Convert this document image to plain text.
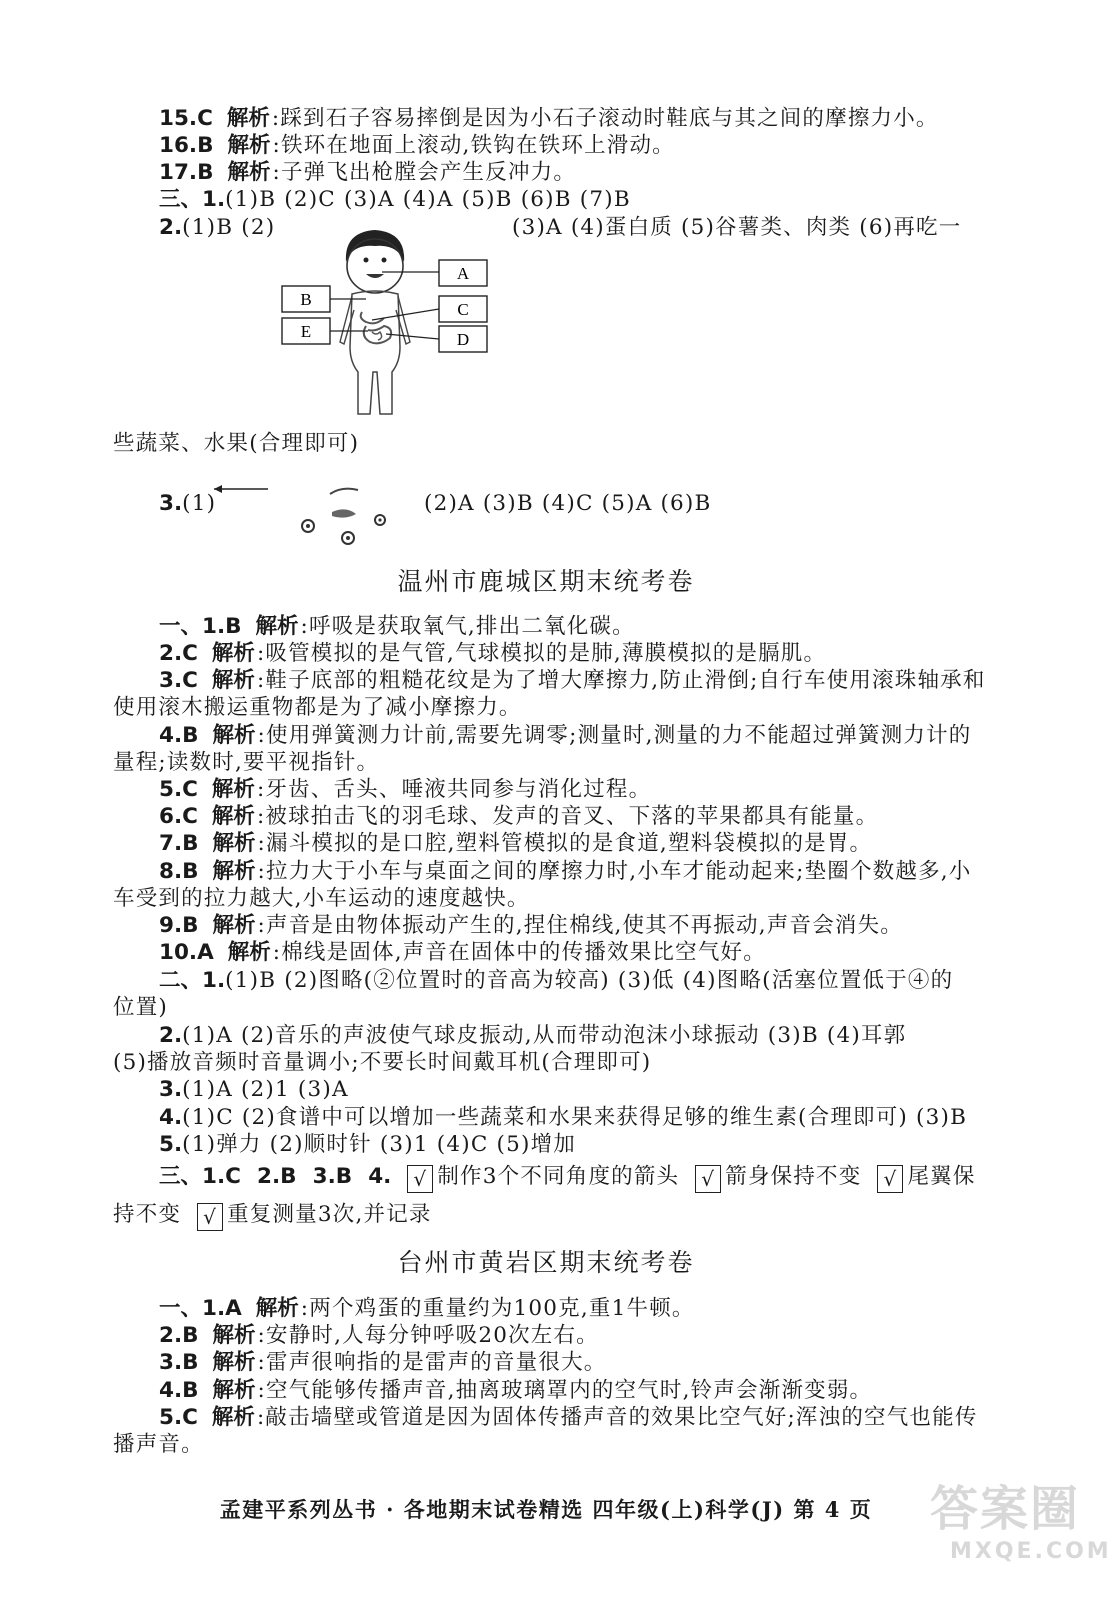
15.C 解析:踩到石子容易摔倒是因为小石子滚动时鞋底与其之间的摩擦力小。
16.B 解析:铁环在地面上滚动,铁钩在铁环上滑动。
17.B 解析:子弹飞出枪膛会产生反冲力。
三、1.(1)B (2)C (3)A (4)A (5)B (6)B (7)B
2.(1)B (2)	(3)A (4)蛋白质 (5)谷薯类、肉类 (6)再吃一
A
B
C
E	D
些蔬菜、水果(合理即可)
3.(1)	(2)A (3)B (4)C (5)A (6)B
温州市鹿城区期末统考卷
一、1.B 解析:呼吸是获取氧气,排出二氧化碳。
2.C 解析:吸管模拟的是气管,气球模拟的是肺,薄膜模拟的是膈肌。
3.C 解析:鞋子底部的粗糙花纹是为了增大摩擦力,防止滑倒;自行车使用滚珠轴承和
使用滚木搬运重物都是为了减小摩擦力。
4.B 解析:使用弹簧测力计前,需要先调零;测量时,测量的力不能超过弹簧测力计的
量程;读数时,要平视指针。
5.C 解析:牙齿、舌头、唾液共同参与消化过程。
6.C 解析:被球拍击飞的羽毛球、发声的音叉、下落的苹果都具有能量。
7.B 解析:漏斗模拟的是口腔,塑料管模拟的是食道,塑料袋模拟的是胃。
8.B 解析:拉力大于小车与桌面之间的摩擦力时,小车才能动起来;垫圈个数越多,小
车受到的拉力越大,小车运动的速度越快。
9.B 解析:声音是由物体振动产生的,捏住棉线,使其不再振动,声音会消失。
10.A 解析:棉线是固体,声音在固体中的传播效果比空气好。
二、1.(1)B (2)图略(②位置时的音高为较高) (3)低 (4)图略(活塞位置低于④的
位置)
2.(1)A (2)音乐的声波使气球皮振动,从而带动泡沫小球振动 (3)B (4)耳郭
(5)播放音频时音量调小;不要长时间戴耳机(合理即可)
3.(1)A (2)1 (3)A
4.(1)C (2)食谱中可以增加一些蔬菜和水果来获得足够的维生素(合理即可) (3)B
5.(1)弹力 (2)顺时针 (3)1 (4)C (5)增加
三、1.C 2.B 3.B 4. √ 制作3个不同角度的箭头 √ 箭身保持不变 √ 尾翼保
持不变 √ 重复测量3次,并记录
台州市黄岩区期末统考卷
一、1.A 解析:两个鸡蛋的重量约为100克,重1牛顿。
2.B 解析:安静时,人每分钟呼吸20次左右。
3.B 解析:雷声很响指的是雷声的音量很大。
4.B 解析:空气能够传播声音,抽离玻璃罩内的空气时,铃声会渐渐变弱。
5.C 解析:敲击墙壁或管道是因为固体传播声音的效果比空气好;浑浊的空气也能传
播声音。
孟建平系列丛书 · 各地期末试卷精选 四年级(上)科学(J) 第 4 页	答案圈
MXQE.COM
